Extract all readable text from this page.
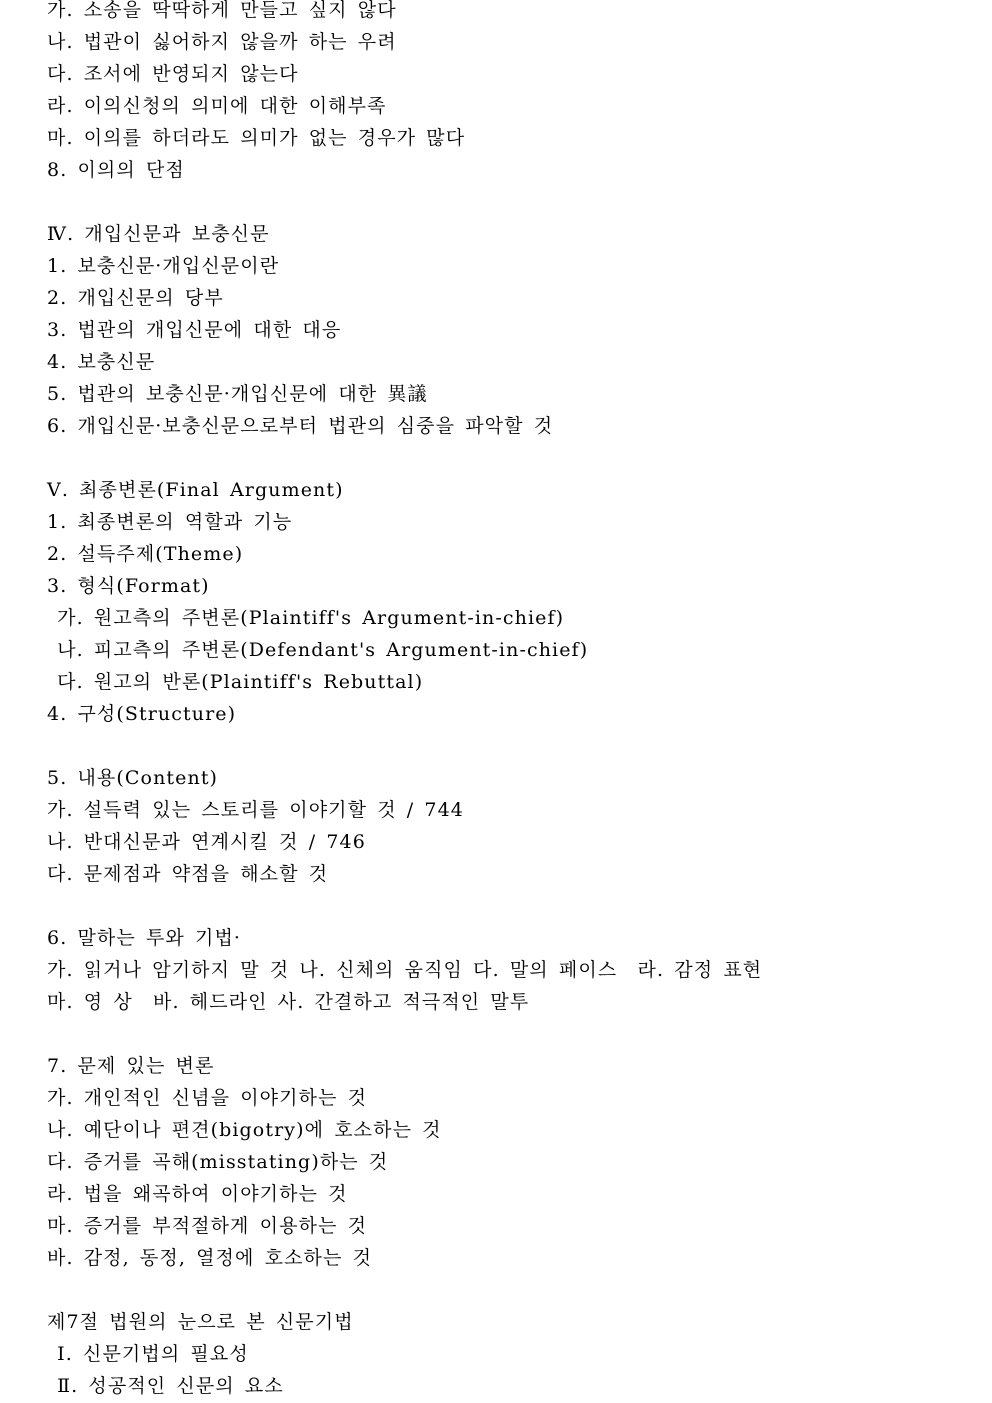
가. 소송을 딱딱하게 만들고 싶지 않다
나. 법관이 싫어하지 않을까 하는 우려
다. 조서에 반영되지 않는다
라. 이의신청의 의미에 대한 이해부족
마. 이의를 하더라도 의미가 없는 경우가 많다
8. 이의의 단점
Ⅳ. 개입신문과 보충신문
1. 보충신문·개입신문이란
2. 개입신문의 당부
3. 법관의 개입신문에 대한 대응
4. 보충신문
5. 법관의 보충신문·개입신문에 대한 異議
6. 개입신문·보충신문으로부터 법관의 심중을 파악할 것
Ⅴ. 최종변론(Final Argument)
1. 최종변론의 역할과 기능
2. 설득주제(Theme)
3. 형식(Format)
가. 원고측의 주변론(Plaintiff's Argument-in-chief)
나. 피고측의 주변론(Defendant's Argument-in-chief)
다. 원고의 반론(Plaintiff's Rebuttal)
4. 구성(Structure)
5. 내용(Content)
가. 설득력 있는 스토리를 이야기할 것 / 744
나. 반대신문과 연계시킬 것 / 746
다. 문제점과 약점을 해소할 것
6. 말하는 투와 기법·
가. 읽거나 암기하지 말 것 나. 신체의 움직임 다. 말의 페이스  라. 감정 표현
마. 영 상  바. 헤드라인 사. 간결하고 적극적인 말투
7. 문제 있는 변론
가. 개인적인 신념을 이야기하는 것
나. 예단이나 편견(bigotry)에 호소하는 것
다. 증거를 곡해(misstating)하는 것
라. 법을 왜곡하여 이야기하는 것
마. 증거를 부적절하게 이용하는 것
바. 감정, 동정, 열정에 호소하는 것
제7절 법원의 눈으로 본 신문기법
Ⅰ. 신문기법의 필요성
Ⅱ. 성공적인 신문의 요소
